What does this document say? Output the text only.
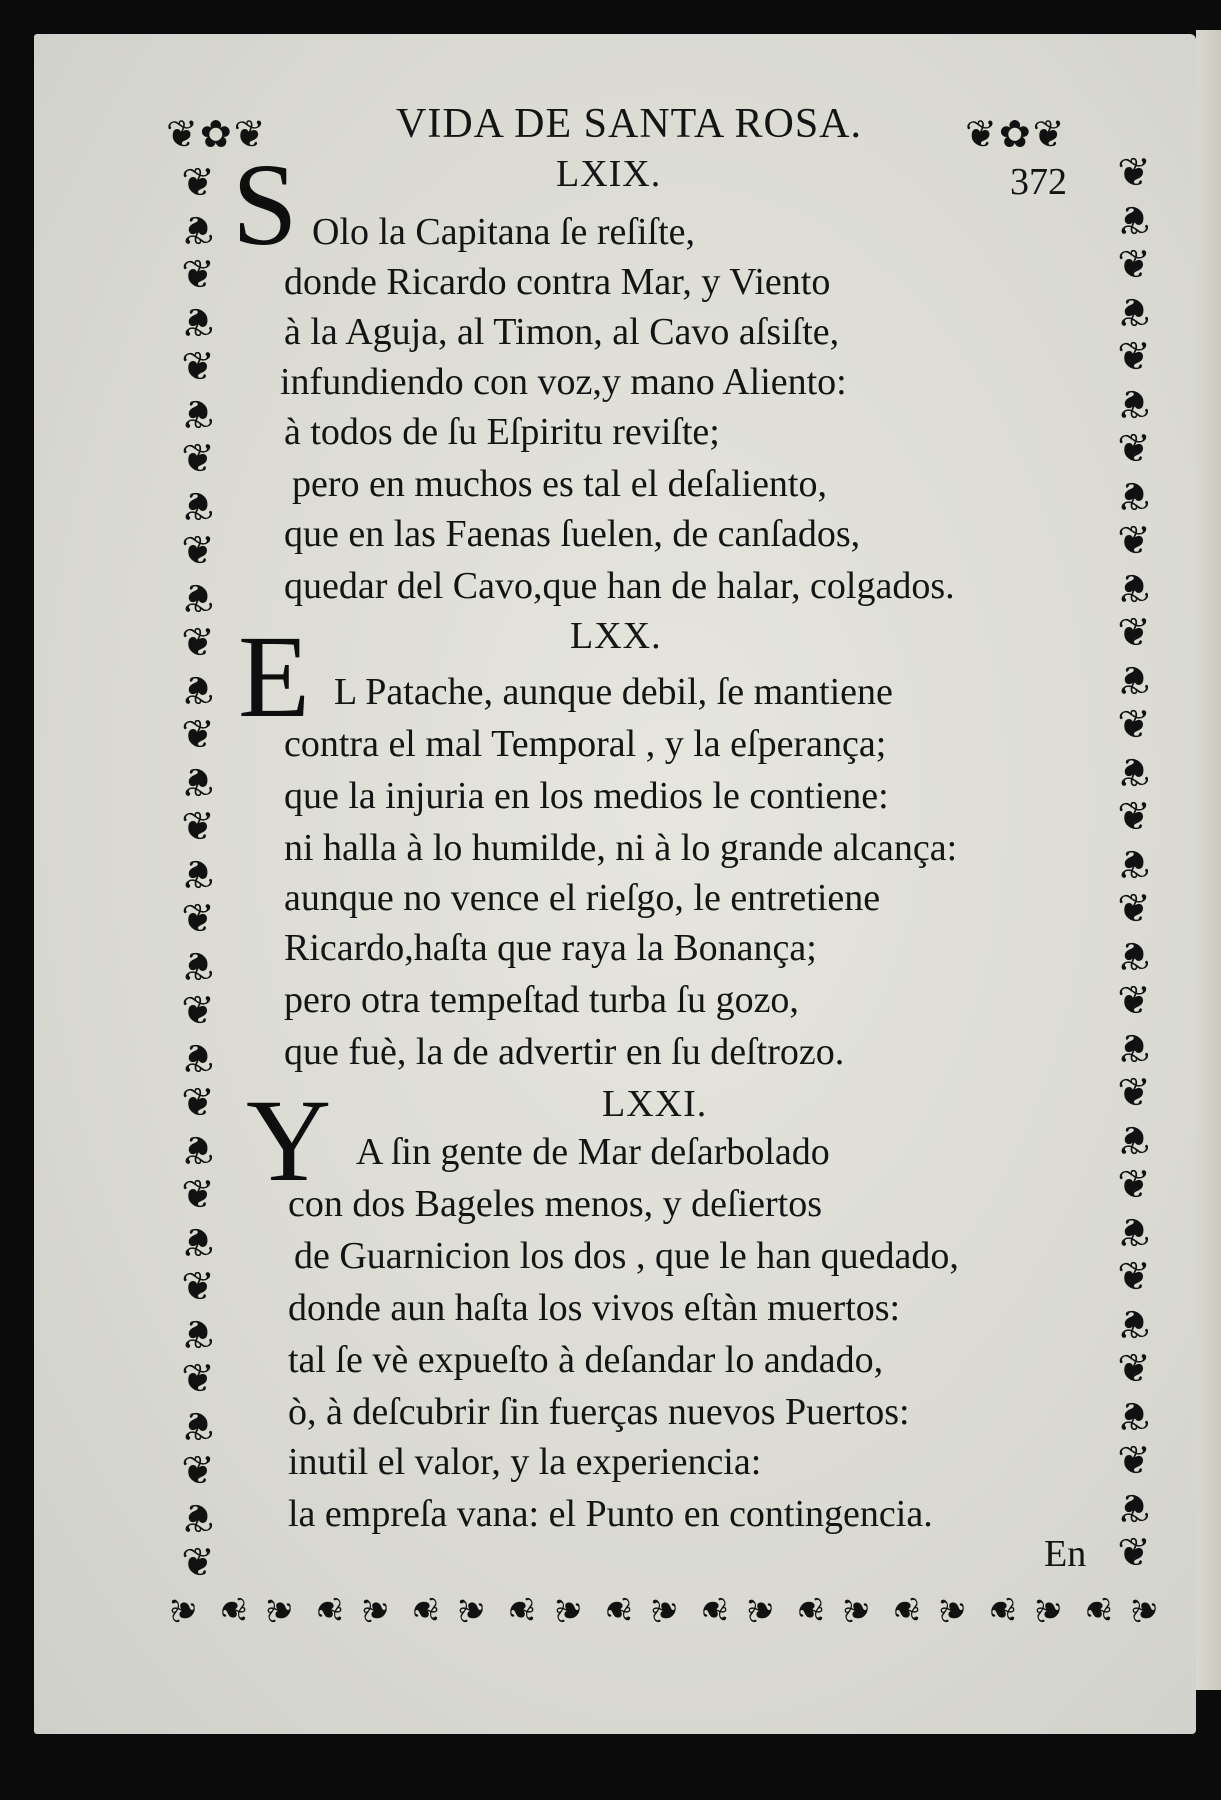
❦✿❦	❦✿❦
VIDA DE SANTA ROSA.
372
❦
❦
❦
❦
❦
❦
❦
❦
❦
❦
❦
❦
❦
❦
❦
❦
❦
❦
❦
❦
❦
❦
❦
❦
❦
❦
❦
❦
❦
❦
❦
❦
❦
❦
❦
❦
❦
❦
❦
❦
❦
❦
❦
❦
❦
❦
❦
❦
❦
❦
❦
❦
❦
❦
❦
❦
❦
❦
❦
❦
❦
❦
❦ ❦ ❦ ❦ ❦ ❦ ❦ ❦ ❦ ❦ ❦ ❦ ❦ ❦ ❦ ❦ ❦ ❦ ❦ ❦ ❦
LXIX.
S Olo la Capitana ſe reſiſte,
donde Ricardo contra Mar, y Viento
à la Aguja, al Timon, al Cavo aſsiſte,
infundiendo con voz,y mano Aliento:
à todos de ſu Eſpiritu reviſte;
pero en muchos es tal el deſaliento,
que en las Faenas ſuelen, de canſados,
quedar del Cavo,que han de halar, colgados.
LXX.
E L Patache, aunque debil, ſe mantiene
contra el mal Temporal , y la eſperança;
que la injuria en los medios le contiene:
ni halla à lo humilde, ni à lo grande alcança:
aunque no vence el rieſgo, le entretiene
Ricardo,haſta que raya la Bonança;
pero otra tempeſtad turba ſu gozo,
que fuè, la de advertir en ſu deſtrozo.
LXXI.
Y A ſin gente de Mar deſarbolado
con dos Bageles menos, y deſiertos
de Guarnicion los dos , que le han quedado,
donde aun haſta los vivos eſtàn muertos:
tal ſe vè expueſto à deſandar lo andado,
ò, à deſcubrir ſin fuerças nuevos Puertos:
inutil el valor, y la experiencia:
la empreſa vana: el Punto en contingencia.
En
